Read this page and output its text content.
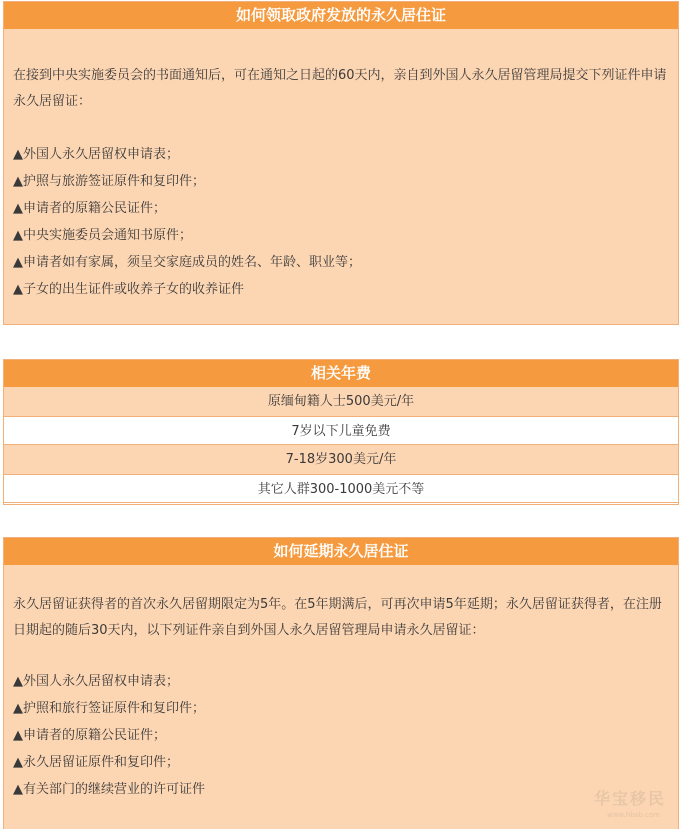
如何领取政府发放的永久居住证

在接到中央实施委员会的书面通知后，可在通知之日起的60天内，亲自到外国人永久居留管理局提交下列证件申请永久居留证：

▲外国人永久居留权申请表；
▲护照与旅游签证原件和复印件；
▲申请者的原籍公民证件；
▲中央实施委员会通知书原件；
▲申请者如有家属，须呈交家庭成员的姓名、年龄、职业等；
▲子女的出生证件或收养子女的收养证件
相关年费
原缅甸籍人士500美元/年
7岁以下儿童免费
7-18岁300美元/年
其它人群300-1000美元不等
如何延期永久居住证

永久居留证获得者的首次永久居留期限定为5年。在5年期满后，可再次申请5年延期；永久居留证获得者，在注册日期起的随后30天内，以下列证件亲自到外国人永久居留管理局申请永久居留证：

▲外国人永久居留权申请表；
▲护照和旅行签证原件和复印件；
▲申请者的原籍公民证件；
▲永久居留证原件和复印件；
▲有关部门的继续营业的许可证件	华宝移民
www.hbsb.com
